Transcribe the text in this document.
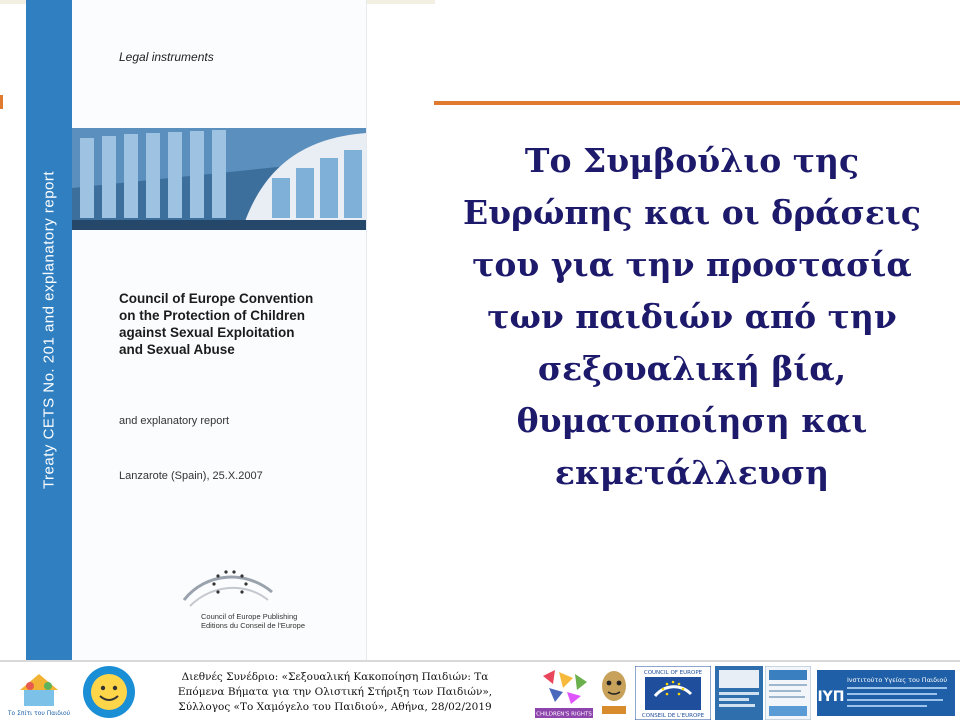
Treaty CETS No. 201 and explanatory report
Legal instruments
Council of Europe Convention
on the Protection of Children
against Sexual Exploitation
and Sexual Abuse
and explanatory report
Lanzarote (Spain), 25.X.2007
Council of Europe Publishing
Editions du Conseil de l'Europe
Το Συμβούλιο της
Ευρώπης και οι δράσεις
του για την προστασία
των παιδιών από την
σεξουαλική βία,
θυματοποίηση και
εκμετάλλευση
Το Σπίτι του Παιδιού
Διεθνές Συνέδριο: «Σεξουαλική Κακοποίηση Παιδιών: Τα
Επόμενα Βήματα για την Ολιστική Στήριξη των Παιδιών»,
Σύλλογος «Το Χαμόγελο του Παιδιού», Αθήνα, 28/02/2019
CHILDREN'S RIGHTS
COUNCIL OF EUROPE
CONSEIL DE L'EUROPE
ΙΥΠ
Ινστιτούτο Υγείας του Παιδιού
